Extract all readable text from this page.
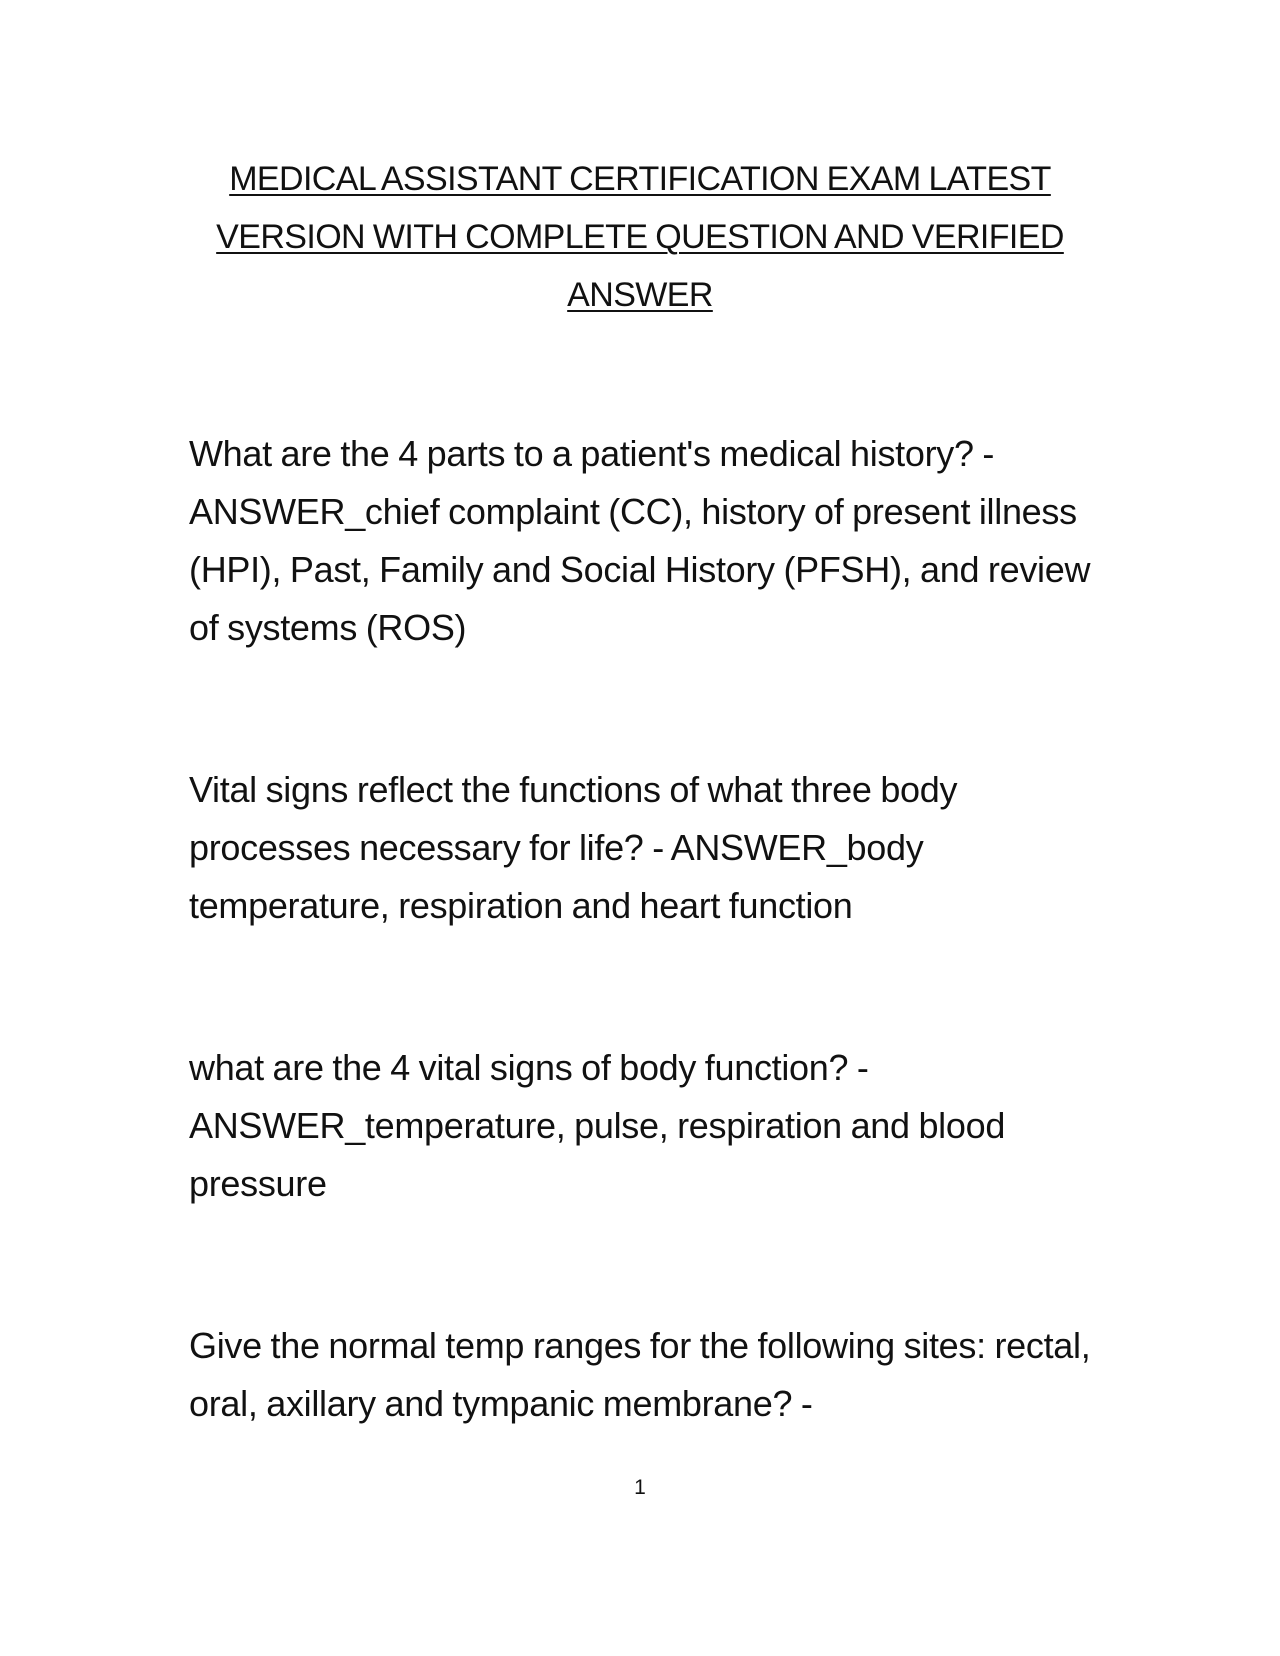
MEDICAL ASSISTANT CERTIFICATION EXAM LATEST VERSION WITH COMPLETE QUESTION AND VERIFIED ANSWER
What are the 4 parts to a patient's medical history? - ANSWER_chief complaint (CC), history of present illness (HPI), Past, Family and Social History (PFSH), and review of systems (ROS)
Vital signs reflect the functions of what three body processes necessary for life? - ANSWER_body temperature, respiration and heart function
what are the 4 vital signs of body function? - ANSWER_temperature, pulse, respiration and blood pressure
Give the normal temp ranges for the following sites: rectal, oral, axillary and tympanic membrane? -
1
